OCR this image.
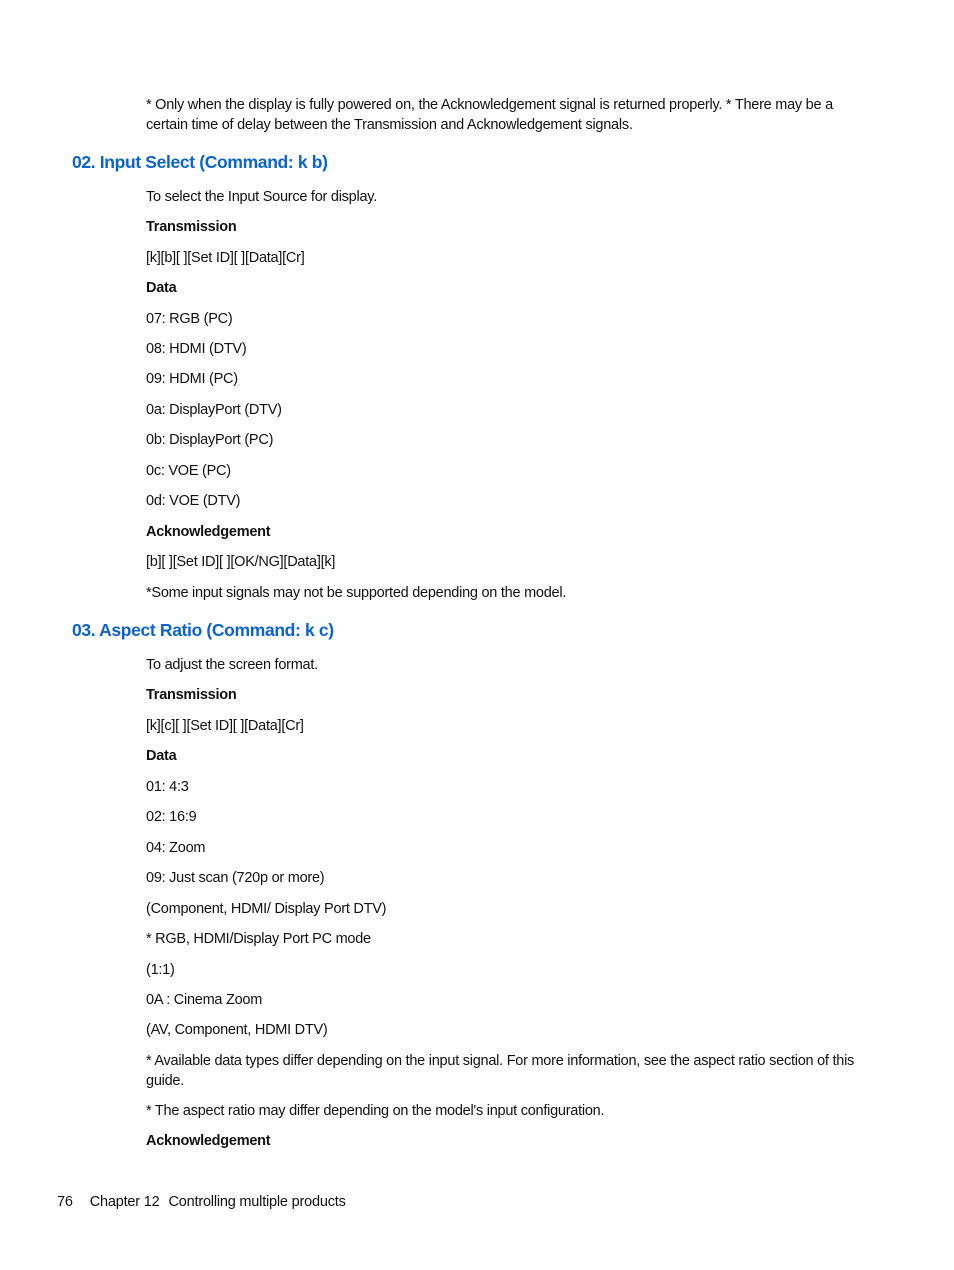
* Only when the display is fully powered on, the Acknowledgement signal is returned properly. * There may be a certain time of delay between the Transmission and Acknowledgement signals.
02. Input Select (Command: k b)
To select the Input Source for display.
Transmission
[k][b][ ][Set ID][ ][Data][Cr]
Data
07: RGB (PC)
08: HDMI (DTV)
09: HDMI (PC)
0a: DisplayPort (DTV)
0b: DisplayPort (PC)
0c: VOE (PC)
0d: VOE (DTV)
Acknowledgement
[b][ ][Set ID][ ][OK/NG][Data][k]
*Some input signals may not be supported depending on the model.
03. Aspect Ratio (Command: k c)
To adjust the screen format.
Transmission
[k][c][ ][Set ID][ ][Data][Cr]
Data
01: 4:3
02: 16:9
04: Zoom
09: Just scan (720p or more)
(Component, HDMI/ Display Port DTV)
* RGB, HDMI/Display Port PC mode
(1:1)
0A : Cinema Zoom
(AV, Component, HDMI DTV)
* Available data types differ depending on the input signal. For more information, see the aspect ratio section of this guide.
* The aspect ratio may differ depending on the model's input configuration.
Acknowledgement
76 Chapter 12 Controlling multiple products
